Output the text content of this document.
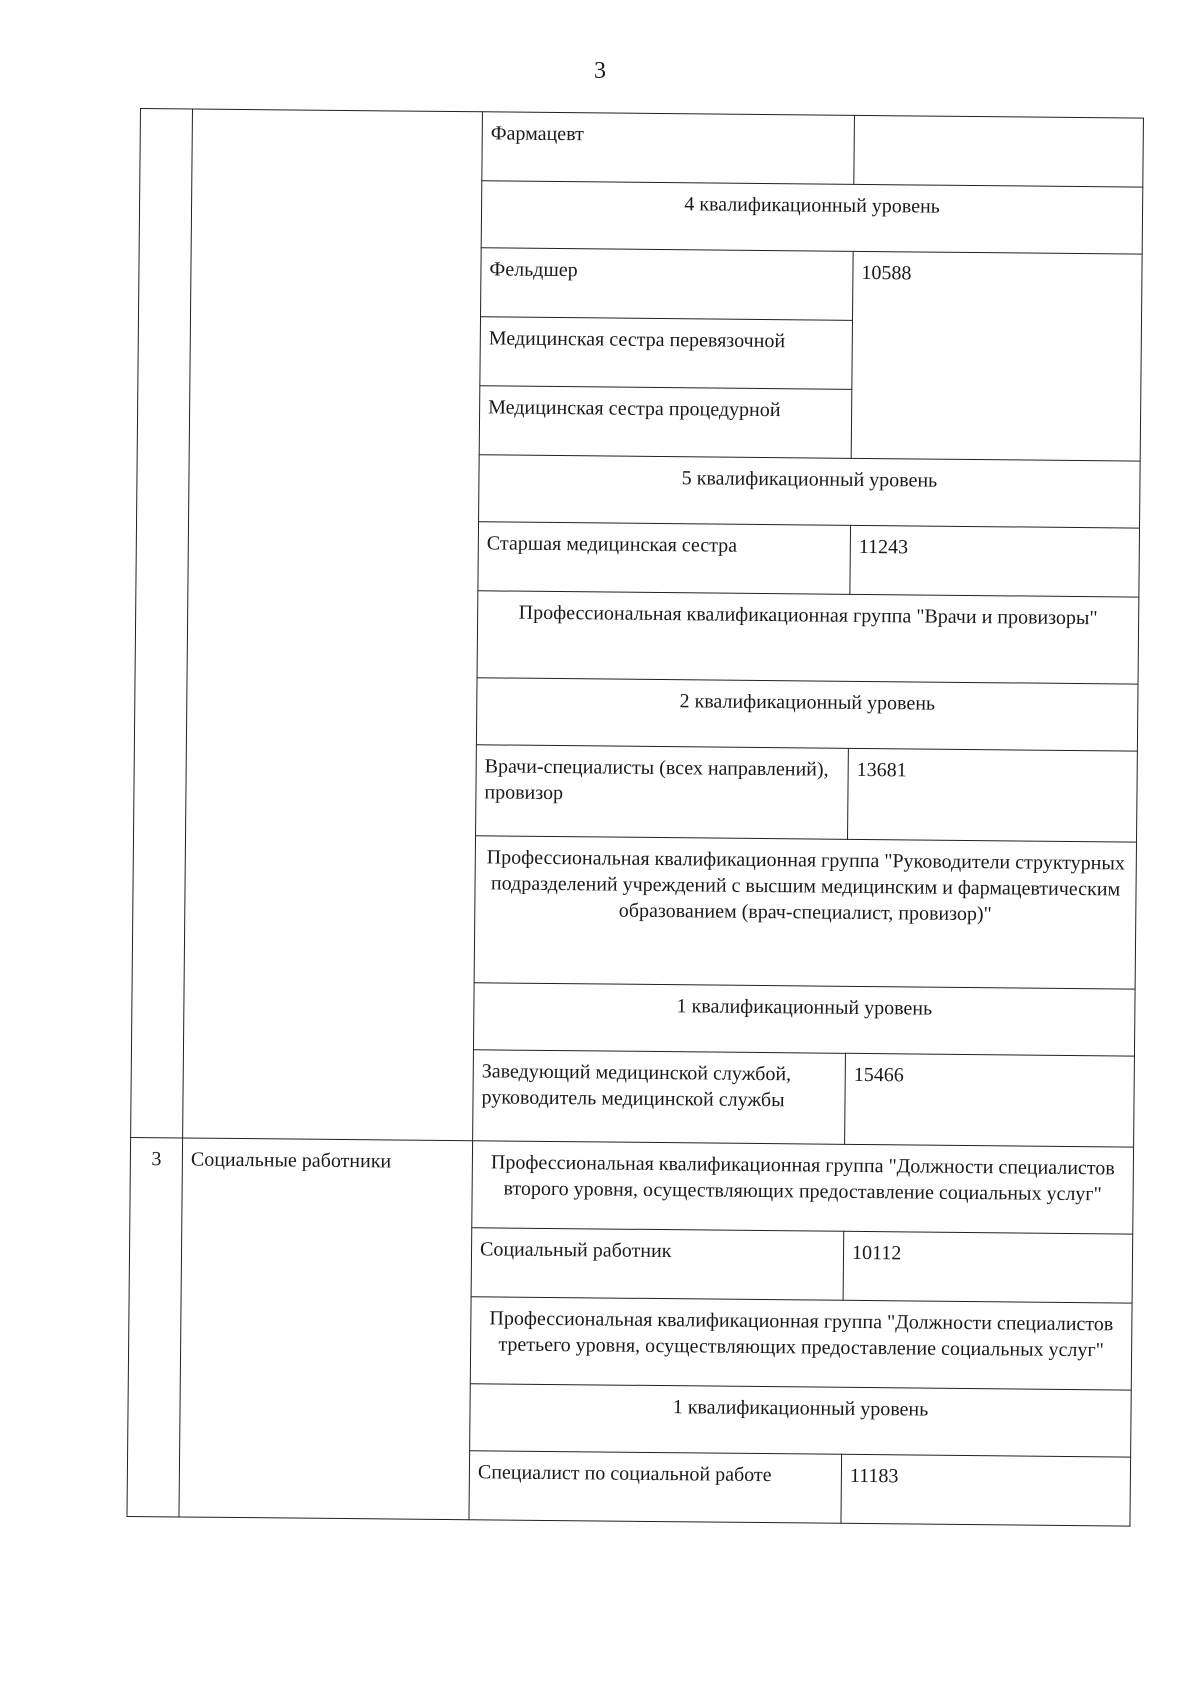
3
		Фармацевт	
		4 квалификационный уровень	
		Фельдшер	10588
		Медицинская сестра перевязочной	
		Медицинская сестра процедурной	
		5 квалификационный уровень	
		Старшая медицинская сестра	11243
		Профессиональная квалификационная группа "Врачи и провизоры"	
		2 квалификационный уровень	
		Врачи-специалисты (всех направлений), провизор	13681
		Профессиональная квалификационная группа "Руководители структурных подразделений учреждений с высшим медицинским и фармацевтическим образованием (врач-специалист, провизор)"	
		1 квалификационный уровень	
		Заведующий медицинской службой, руководитель медицинской службы	15466
3	Социальные работники	Профессиональная квалификационная группа "Должности специалистов второго уровня, осуществляющих предоставление социальных услуг"	
		Социальный работник	10112
		Профессиональная квалификационная группа "Должности специалистов третьего уровня, осуществляющих предоставление социальных услуг"	
		1 квалификационный уровень	
		Специалист по социальной работе	11183
